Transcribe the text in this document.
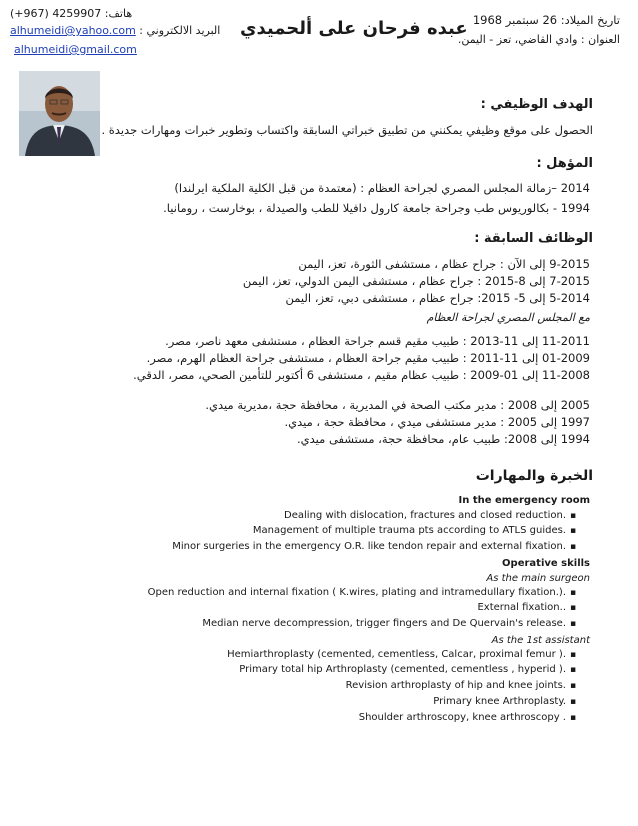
تاريخ الميلاد: 26 سبتمبر 1968
العنوان : وادي القاضي، تعز - اليمن.
عبده فرحان على ألحميدي
هاتف: 4259907 (967+)
البريد الالكتروني : alhumeidi@yahoo.com
alhumeidi@gmail.com
الهدف الوظيفي :
الحصول على موقع وظيفي يمكنني من تطبيق خبراتي السابقة واكتساب وتطوير خبرات ومهارات جديدة .
المؤهل :
2014 –زمالة المجلس المصري لجراحة العظام : (معتمدة من قبل الكلية الملكية ايرلندا)
1994 - بكالوريوس طب وجراحة جامعة كارول دافيلا للطب والصيدلة ، بوخارست ، رومانيا.
الوظائف السابقة :
9-2015 إلى الآن : جراح عظام ، مستشفى الثورة، تعز، اليمن
7-2015 إلى 8-2015 : جراح عظام ، مستشفى اليمن الدولي، تعز، اليمن
5-2014 إلى 5- 2015: جراح عظام ، مستشفى دبي، تعز، اليمن
مع المجلس المصري لجراحة العظام
11-2011 إلى 11-2013 : طبيب مقيم قسم جراحة العظام ، مستشفى معهد ناصر، مصر.
01-2009 إلى 11-2011 : طبيب مقيم جراحة العظام ، مستشفى جراحة العظام الهرم، مصر.
11-2008 إلى 01-2009 : طبيب عظام مقيم ، مستشفى 6 أكتوبر للتأمين الصحي، مصر، الدقي.
2005 إلى 2008 : مدير مكتب الصحة في المديرية ، محافظة حجة ،مديرية ميدي.
1997 إلى 2005 : مدير مستشفى ميدي ، محافظة حجة ، ميدي.
1994 إلى 2008: طبيب عام، محافظة حجة، مستشفى ميدي.
الخبرة والمهارات
In the emergency room
Dealing with dislocation, fractures and closed reduction. ▪
Management of multiple trauma pts according to ATLS guides. ▪
Minor surgeries in the emergency O.R. like tendon repair and external fixation. ▪
Operative skills
As the main surgeon
Open reduction and internal fixation ( K.wires, plating and intramedullary fixation.). ▪
External fixation.. ▪
Median nerve decompression, trigger fingers and De Quervain's release. ▪
As the 1st assistant
Hemiarthroplasty (cemented, cementless, Calcar, proximal femur ). ▪
Primary total hip Arthroplasty (cemented, cementless , hyperid ). ▪
Revision arthroplasty of hip and knee joints. ▪
Primary knee Arthroplasty. ▪
Shoulder arthroscopy, knee arthroscopy . ▪
